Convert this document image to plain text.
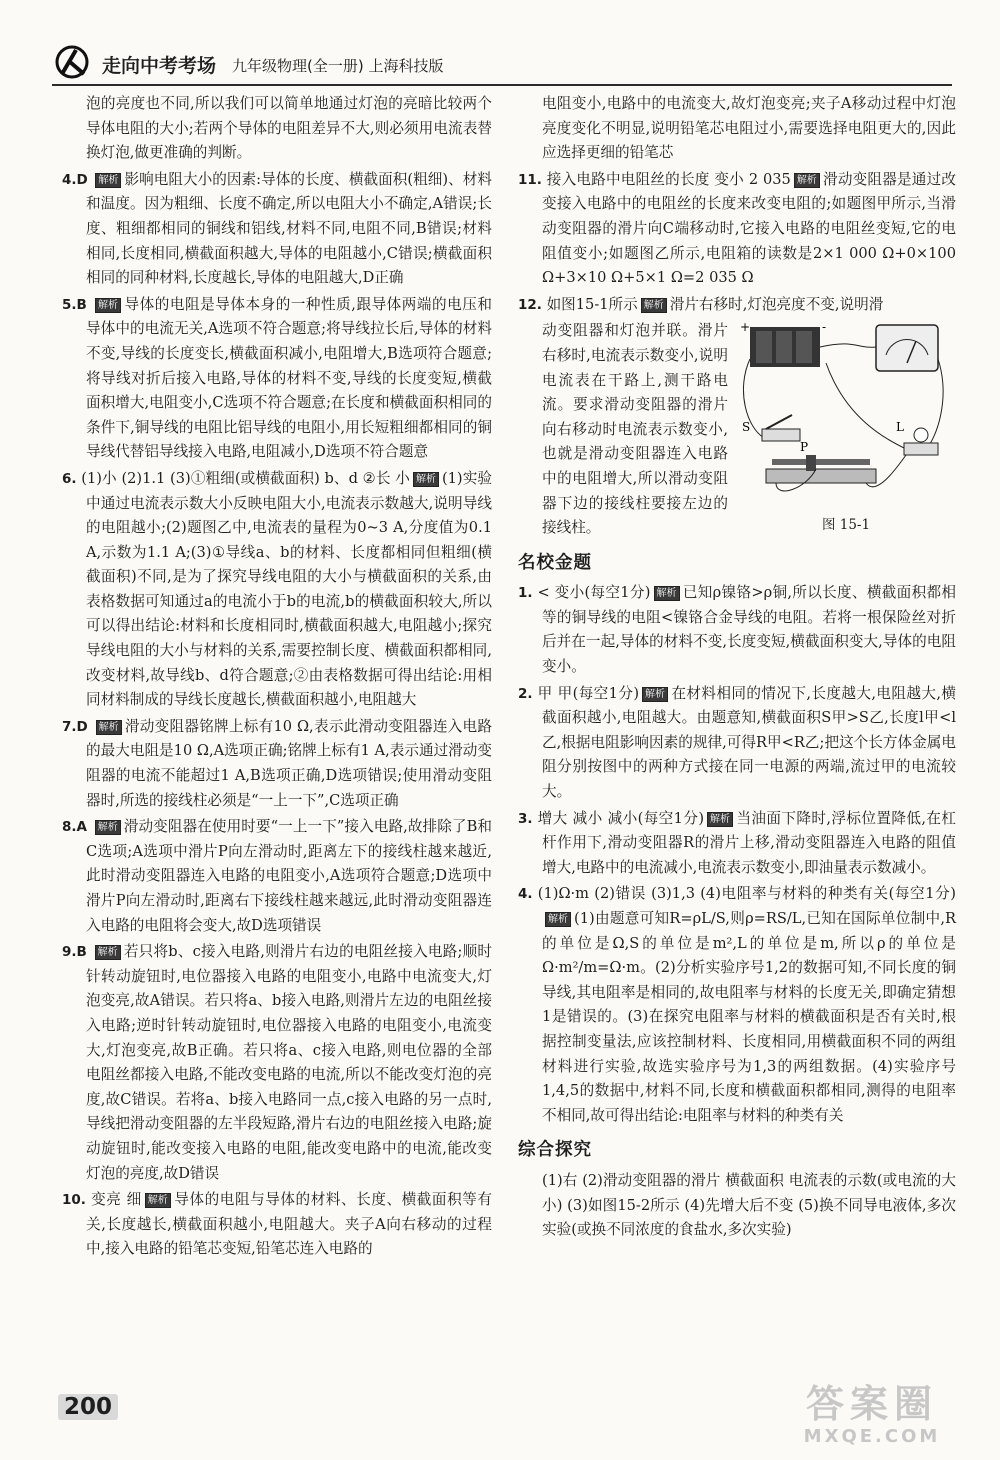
走向中考考场 九年级物理(全一册) 上海科技版

泡的亮度也不同,所以我们可以简单地通过灯泡的亮暗比较两个导体电阻的大小;若两个导体的电阻差异不大,则必须用电流表替换灯泡,做更准确的判断。

4.D 解析 影响电阻大小的因素:导体的长度、横截面积(粗细)、材料和温度。因为粗细、长度不确定,所以电阻大小不确定,A错误;长度、粗细都相同的铜线和铝线,材料不同,电阻不同,B错误;材料相同,长度相同,横截面积越大,导体的电阻越小,C错误;横截面积相同的同种材料,长度越长,导体的电阻越大,D正确

5.B 解析 导体的电阻是导体本身的一种性质,跟导体两端的电压和导体中的电流无关,A选项不符合题意;将导线拉长后,导体的材料不变,导线的长度变长,横截面积减小,电阻增大,B选项符合题意;将导线对折后接入电路,导体的材料不变,导线的长度变短,横截面积增大,电阻变小,C选项不符合题意;在长度和横截面积相同的条件下,铜导线的电阻比铝导线的电阻小,用长短粗细都相同的铜导线代替铝导线接入电路,电阻减小,D选项不符合题意

6. (1)小 (2)1.1 (3)①粗细(或横截面积) b、d ②长 小 解析 (1)实验中通过电流表示数大小反映电阻大小,电流表示数越大,说明导线的电阻越小;(2)题图乙中,电流表的量程为0~3 A,分度值为0.1 A,示数为1.1 A;(3)①导线a、b的材料、长度都相同但粗细(横截面积)不同,是为了探究导线电阻的大小与横截面积的关系,由表格数据可知通过a的电流小于b的电流,b的横截面积较大,所以可以得出结论:材料和长度相同时,横截面积越大,电阻越小;探究导线电阻的大小与材料的关系,需要控制长度、横截面积都相同,改变材料,故导线b、d符合题意;②由表格数据可得出结论:用相同材料制成的导线长度越长,横截面积越小,电阻越大

7.D 解析 滑动变阻器铭牌上标有10 Ω,表示此滑动变阻器连入电路的最大电阻是10 Ω,A选项正确;铭牌上标有1 A,表示通过滑动变阻器的电流不能超过1 A,B选项正确,D选项错误;使用滑动变阻器时,所选的接线柱必须是“一上一下”,C选项正确

8.A 解析 滑动变阻器在使用时要“一上一下”接入电路,故排除了B和C选项;A选项中滑片P向左滑动时,距离左下的接线柱越来越近,此时滑动变阻器连入电路的电阻变小,A选项符合题意;D选项中滑片P向左滑动时,距离右下接线柱越来越远,此时滑动变阻器连入电路的电阻将会变大,故D选项错误

9.B 解析 若只将b、c接入电路,则滑片右边的电阻丝接入电路;顺时针转动旋钮时,电位器接入电路的电阻变小,电路中电流变大,灯泡变亮,故A错误。若只将a、b接入电路,则滑片左边的电阻丝接入电路;逆时针转动旋钮时,电位器接入电路的电阻变小,电流变大,灯泡变亮,故B正确。若只将a、c接入电路,则电位器的全部电阻丝都接入电路,不能改变电路的电流,所以不能改变灯泡的亮度,故C错误。若将a、b接入电路同一点,c接入电路的另一点时,导线把滑动变阻器的左半段短路,滑片右边的电阻丝接入电路;旋动旋钮时,能改变接入电路的电阻,能改变电路中的电流,能改变灯泡的亮度,故D错误

10. 变亮 细 解析 导体的电阻与导体的材料、长度、横截面积等有关,长度越长,横截面积越小,电阻越大。夹子A向右移动的过程中,接入电路的铅笔芯变短,铅笔芯连入电路的

电阻变小,电路中的电流变大,故灯泡变亮;夹子A移动过程中灯泡亮度变化不明显,说明铅笔芯电阻过小,需要选择电阻更大的,因此应选择更细的铅笔芯

11. 接入电路中电阻丝的长度 变小 2 035 解析 滑动变阻器是通过改变接入电路中的电阻丝的长度来改变电阻的;如题图甲所示,当滑动变阻器的滑片向C端移动时,它接入电路的电阻丝变短,它的电阻值变小;如题图乙所示,电阻箱的读数是2×1 000 Ω+0×100 Ω+3×10 Ω+5×1 Ω=2 035 Ω

12. 如图15-1所示 解析 滑片右移时,灯泡亮度不变,说明滑

动变阻器和灯泡并联。滑片右移时,电流表示数变小,说明电流表在干路上,测干路电流。要求滑动变阻器的滑片向右移动时电流表示数变小,也就是滑动变阻器连入电路中的电阻增大,所以滑动变阻器下边的接线柱要接左边的接线柱。
+	-
S	L
P
图 15-1
名校金题

1. < 变小(每空1分) 解析 已知ρ镍铬>ρ铜,所以长度、横截面积都相等的铜导线的电阻<镍铬合金导线的电阻。若将一根保险丝对折后并在一起,导体的材料不变,长度变短,横截面积变大,导体的电阻变小。

2. 甲 甲(每空1分) 解析 在材料相同的情况下,长度越大,电阻越大,横截面积越小,电阻越大。由题意知,横截面积S甲>S乙,长度l甲<l乙,根据电阻影响因素的规律,可得R甲<R乙;把这个长方体金属电阻分别按图中的两种方式接在同一电源的两端,流过甲的电流较大。

3. 增大 减小 减小(每空1分) 解析 当油面下降时,浮标位置降低,在杠杆作用下,滑动变阻器R的滑片上移,滑动变阻器连入电路的阻值增大,电路中的电流减小,电流表示数变小,即油量表示数减小。

4. (1)Ω·m (2)错误 (3)1,3 (4)电阻率与材料的种类有关(每空1分)解析 (1)由题意可知R=ρL/S,则ρ=RS/L,已知在国际单位制中,R的单位是Ω,S的单位是m²,L的单位是m,所以ρ的单位是Ω·m²/m=Ω·m。(2)分析实验序号1,2的数据可知,不同长度的铜导线,其电阻率是相同的,故电阻率与材料的长度无关,即确定猜想1是错误的。(3)在探究电阻率与材料的横截面积是否有关时,根据控制变量法,应该控制材料、长度相同,用横截面积不同的两组材料进行实验,故选实验序号为1,3的两组数据。(4)实验序号1,4,5的数据中,材料不同,长度和横截面积都相同,测得的电阻率不相同,故可得出结论:电阻率与材料的种类有关

综合探究

(1)右 (2)滑动变阻器的滑片 横截面积 电流表的示数(或电流的大小) (3)如图15-2所示 (4)先增大后不变 (5)换不同导电液体,多次实验(或换不同浓度的食盐水,多次实验)

200	答案圈
MXQE.COM
